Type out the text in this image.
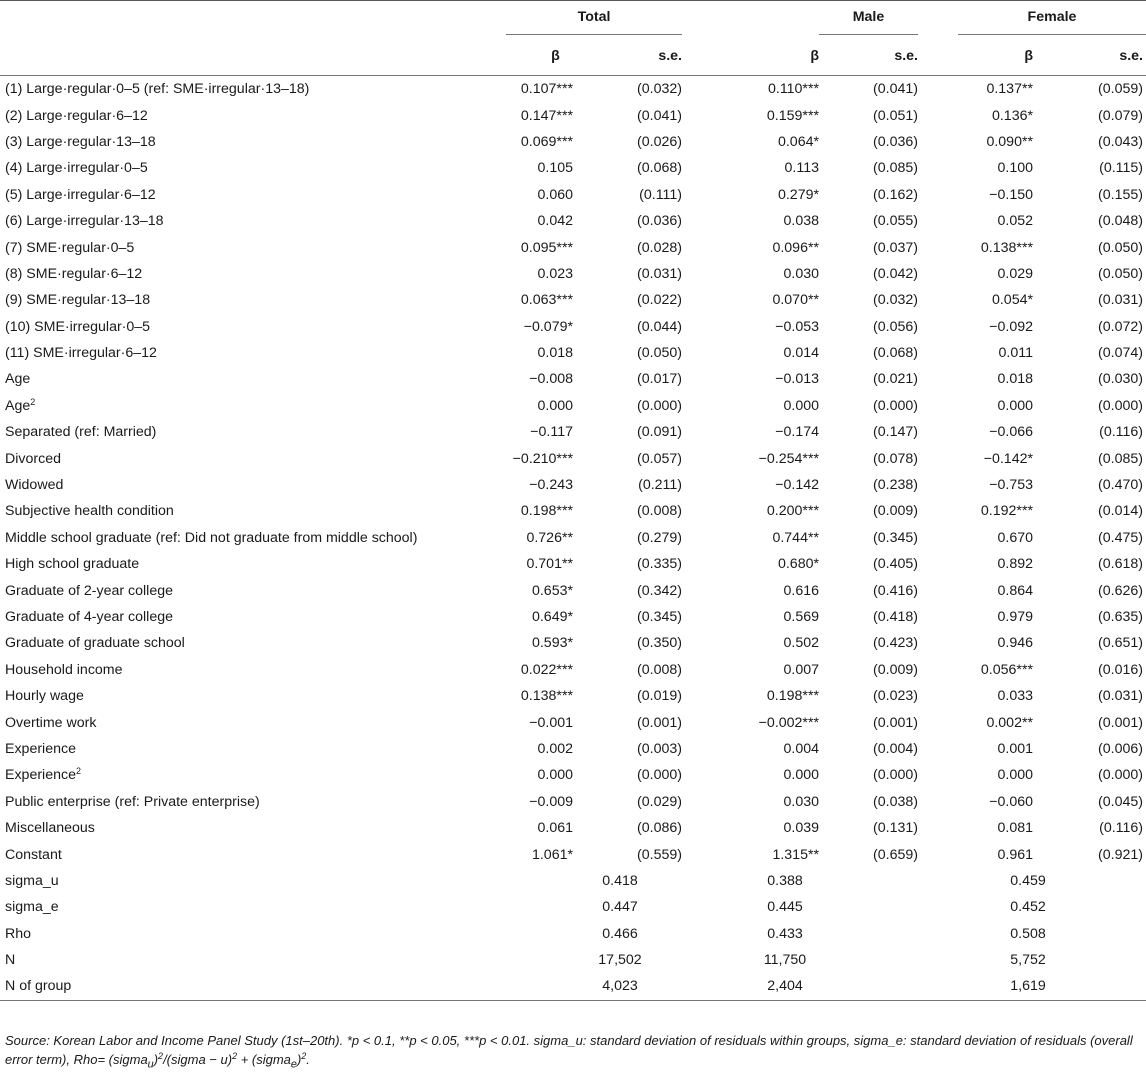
	Total			Male	Female	

	β	s.e.	β	s.e.	β	s.e.
(1) Large·regular·0–5 (ref: SME·irregular·13–18)	0.107***	(0.032)	0.110***	(0.041)	0.137**	(0.059)
(2) Large·regular·6–12	0.147***	(0.041)	0.159***	(0.051)	0.136*	(0.079)
(3) Large·regular·13–18	0.069***	(0.026)	0.064*	(0.036)	0.090**	(0.043)
(4) Large·irregular·0–5	0.105	(0.068)	0.113	(0.085)	0.100	(0.115)
(5) Large·irregular·6–12	0.060	(0.111)	0.279*	(0.162)	−0.150	(0.155)
(6) Large·irregular·13–18	0.042	(0.036)	0.038	(0.055)	0.052	(0.048)
(7) SME·regular·0–5	0.095***	(0.028)	0.096**	(0.037)	0.138***	(0.050)
(8) SME·regular·6–12	0.023	(0.031)	0.030	(0.042)	0.029	(0.050)
(9) SME·regular·13–18	0.063***	(0.022)	0.070**	(0.032)	0.054*	(0.031)
(10) SME·irregular·0–5	−0.079*	(0.044)	−0.053	(0.056)	−0.092	(0.072)
(11) SME·irregular·6–12	0.018	(0.050)	0.014	(0.068)	0.011	(0.074)
Age	−0.008	(0.017)	−0.013	(0.021)	0.018	(0.030)
Age$^2$	0.000	(0.000)	0.000	(0.000)	0.000	(0.000)
Separated (ref: Married)	−0.117	(0.091)	−0.174	(0.147)	−0.066	(0.116)
Divorced	−0.210***	(0.057)	−0.254***	(0.078)	−0.142*	(0.085)
Widowed	−0.243	(0.211)	−0.142	(0.238)	−0.753	(0.470)
Subjective health condition	0.198***	(0.008)	0.200***	(0.009)	0.192***	(0.014)
Middle school graduate (ref: Did not graduate from middle school)	0.726**	(0.279)	0.744**	(0.345)	0.670	(0.475)
High school graduate	0.701**	(0.335)	0.680*	(0.405)	0.892	(0.618)
Graduate of 2-year college	0.653*	(0.342)	0.616	(0.416)	0.864	(0.626)
Graduate of 4-year college	0.649*	(0.345)	0.569	(0.418)	0.979	(0.635)
Graduate of graduate school	0.593*	(0.350)	0.502	(0.423)	0.946	(0.651)
Household income	0.022***	(0.008)	0.007	(0.009)	0.056***	(0.016)
Hourly wage	0.138***	(0.019)	0.198***	(0.023)	0.033	(0.031)
Overtime work	−0.001	(0.001)	−0.002***	(0.001)	0.002**	(0.001)
Experience	0.002	(0.003)	0.004	(0.004)	0.001	(0.006)
Experience$^2$	0.000	(0.000)	0.000	(0.000)	0.000	(0.000)
Public enterprise (ref: Private enterprise)	−0.009	(0.029)	0.030	(0.038)	−0.060	(0.045)
Miscellaneous	0.061	(0.086)	0.039	(0.131)	0.081	(0.116)
Constant	1.061*	(0.559)	1.315**	(0.659)	0.961	(0.921)
sigma_u	0.418		0.388		0.459	
sigma_e	0.447		0.445		0.452	
Rho	0.466		0.433		0.508	
N	17,502		11,750		5,752	
N of group	4,023		2,404		1,619	
Source: Korean Labor and Income Panel Study (1st–20th). *p < 0.1, **p < 0.05, ***p < 0.01. sigma_u: standard deviation of residuals within groups, sigma_e: standard deviation of residuals (overall error term), Rho= (sigma$_u$)$^2$/(sigma − u)$^2$ + (sigma$_e$)$^2$.
